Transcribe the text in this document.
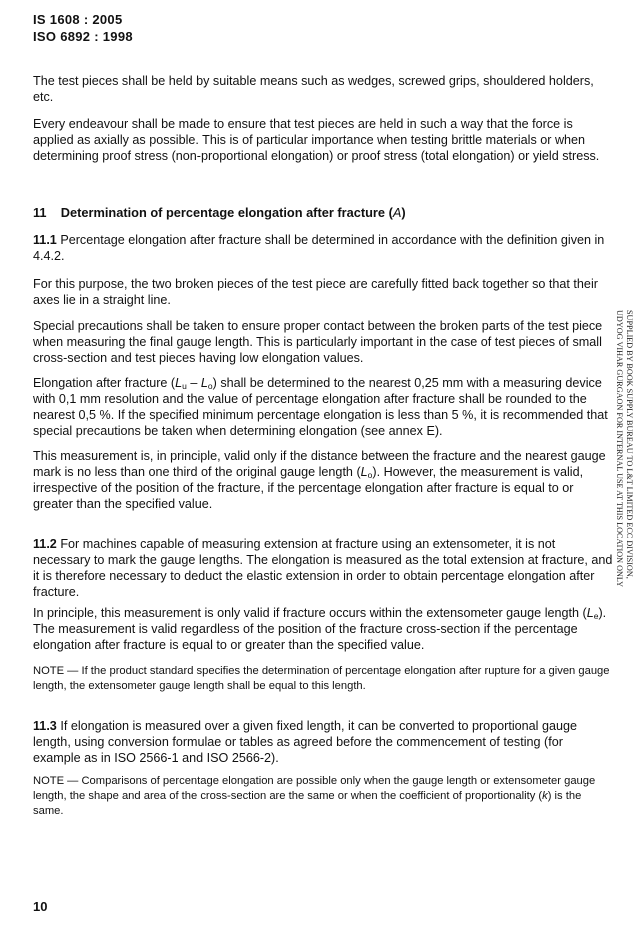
IS 1608 : 2005
ISO 6892 : 1998

The test pieces shall be held by suitable means such as wedges, screwed grips, shouldered holders, etc.

Every endeavour shall be made to ensure that test pieces are held in such a way that the force is applied as axially as possible. This is of particular importance when testing brittle materials or when determining proof stress (non-proportional elongation) or proof stress (total elongation) or yield stress.

11 Determination of percentage elongation after fracture (A)

11.1 Percentage elongation after fracture shall be determined in accordance with the definition given in 4.4.2.

For this purpose, the two broken pieces of the test piece are carefully fitted back together so that their axes lie in a straight line.

Special precautions shall be taken to ensure proper contact between the broken parts of the test piece when measuring the final gauge length. This is particularly important in the case of test pieces of small cross-section and test pieces having low elongation values.

Elongation after fracture $(L_u - L_o)$ shall be determined to the nearest 0,25 mm with a measuring device with 0,1 mm resolution and the value of percentage elongation after fracture shall be rounded to the nearest 0,5 %. If the specified minimum percentage elongation is less than 5 %, it is recommended that special precautions be taken when determining elongation (see annex E).

This measurement is, in principle, valid only if the distance between the fracture and the nearest gauge mark is no less than one third of the original gauge length $(L_o)$. However, the measurement is valid, irrespective of the position of the fracture, if the percentage elongation after fracture is equal to or greater than the specified value.

11.2 For machines capable of measuring extension at fracture using an extensometer, it is not necessary to mark the gauge lengths. The elongation is measured as the total extension at fracture, and it is therefore necessary to deduct the elastic extension in order to obtain percentage elongation after fracture.

In principle, this measurement is only valid if fracture occurs within the extensometer gauge length $(L_e)$. The measurement is valid regardless of the position of the fracture cross-section if the percentage elongation after fracture is equal to or greater than the specified value.

NOTE — If the product standard specifies the determination of percentage elongation after rupture for a given gauge length, the extensometer gauge length shall be equal to this length.

11.3 If elongation is measured over a given fixed length, it can be converted to proportional gauge length, using conversion formulae or tables as agreed before the commencement of testing (for example as in ISO 2566-1 and ISO 2566-2).

NOTE — Comparisons of percentage elongation are possible only when the gauge length or extensometer gauge length, the shape and area of the cross-section are the same or when the coefficient of proportionality (k) is the same.

SUPPLIED BY BOOK SUPPLY BUREAU TO L&T LIMITED ECC DIVISION,
UDYOG VIHAR GURGAON FOR INTERNAL USE AT THIS LOCATION ONLY
10
